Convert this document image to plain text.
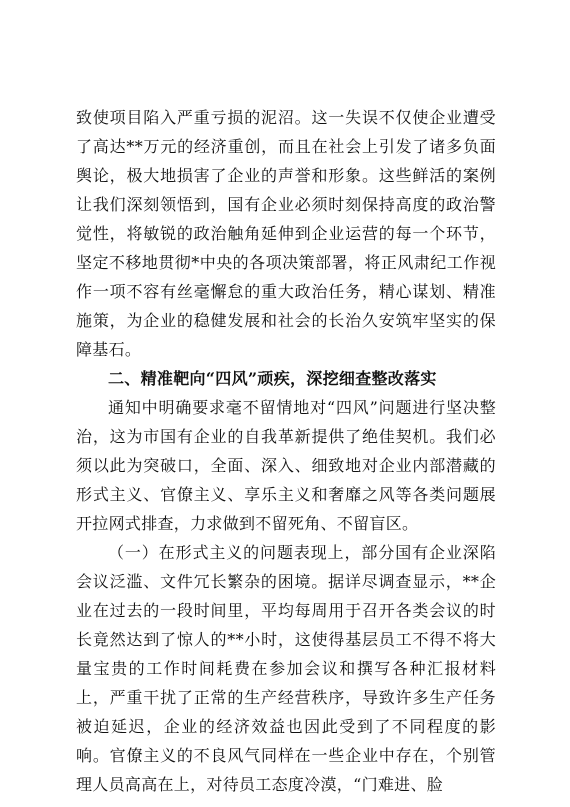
致使项目陷入严重亏损的泥沼。这一失误不仅使企业遭受了高达**万元的经济重创，而且在社会上引发了诸多负面舆论，极大地损害了企业的声誉和形象。这些鲜活的案例让我们深刻领悟到，国有企业必须时刻保持高度的政治警觉性，将敏锐的政治触角延伸到企业运营的每一个环节，坚定不移地贯彻*中央的各项决策部署，将正风肃纪工作视作一项不容有丝毫懈怠的重大政治任务，精心谋划、精准施策，为企业的稳健发展和社会的长治久安筑牢坚实的保障基石。

二、精准靶向“四风”顽疾，深挖细查整改落实

通知中明确要求毫不留情地对“四风”问题进行坚决整治，这为市国有企业的自我革新提供了绝佳契机。我们必须以此为突破口，全面、深入、细致地对企业内部潜藏的形式主义、官僚主义、享乐主义和奢靡之风等各类问题展开拉网式排查，力求做到不留死角、不留盲区。

（一）在形式主义的问题表现上，部分国有企业深陷会议泛滥、文件冗长繁杂的困境。据详尽调查显示，**企业在过去的一段时间里，平均每周用于召开各类会议的时长竟然达到了惊人的**小时，这使得基层员工不得不将大量宝贵的工作时间耗费在参加会议和撰写各种汇报材料上，严重干扰了正常的生产经营秩序，导致许多生产任务被迫延迟，企业的经济效益也因此受到了不同程度的影响。官僚主义的不良风气同样在一些企业中存在，个别管理人员高高在上，对待员工态度冷漠，“门难进、脸
